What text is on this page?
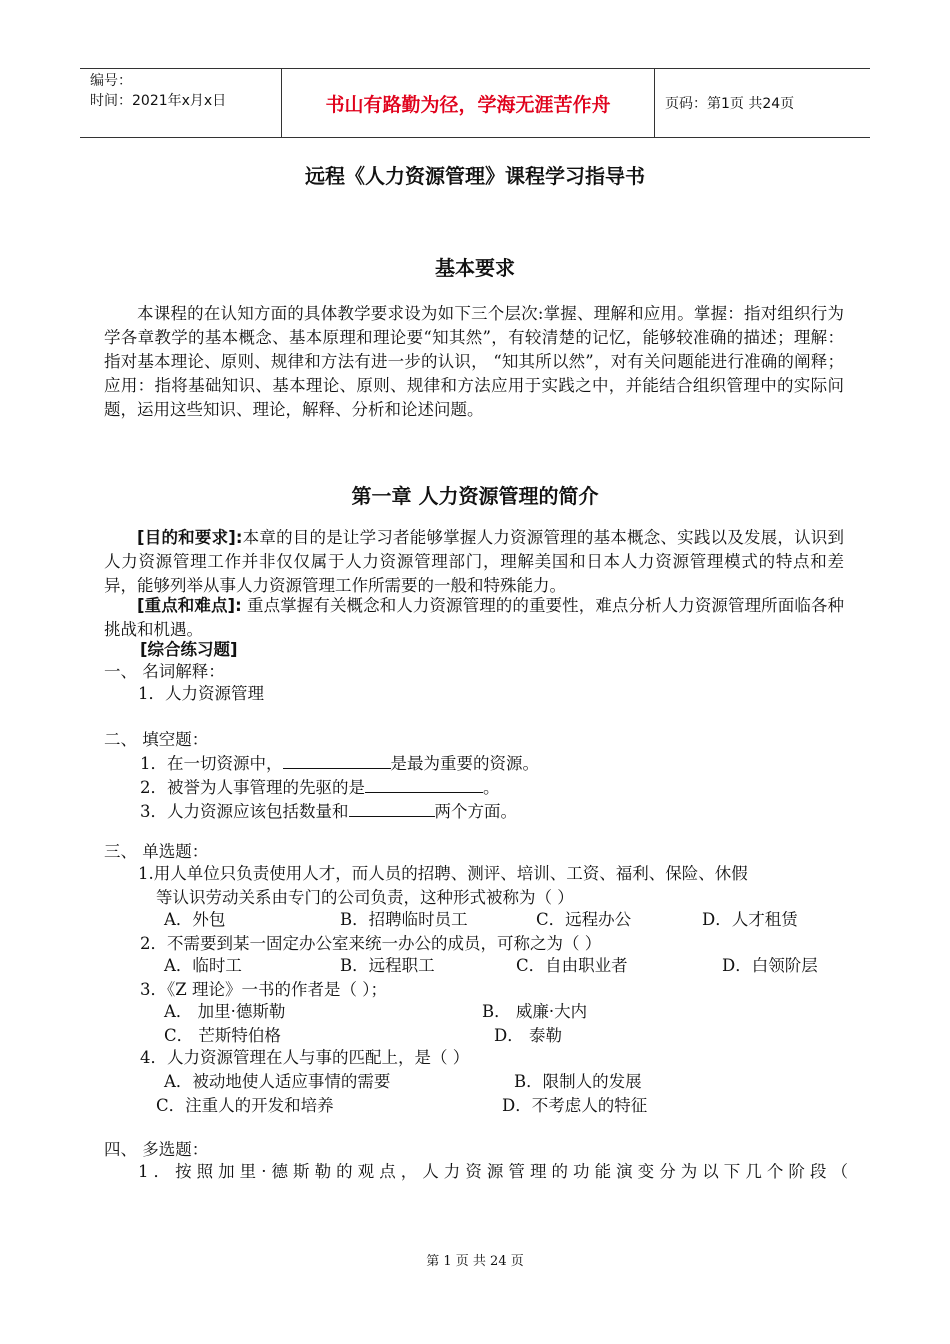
编号：
时间：2021年x月x日	书山有路勤为径，学海无涯苦作舟	页码：第1页 共24页
远程《人力资源管理》课程学习指导书
基本要求
本课程的在认知方面的具体教学要求设为如下三个层次:掌握、理解和应用。掌握：指对组织行为学各章教学的基本概念、基本原理和理论要“知其然”，有较清楚的记忆，能够较准确的描述；理解：指对基本理论、原则、规律和方法有进一步的认识， “知其所以然”，对有关问题能进行准确的阐释；应用：指将基础知识、基本理论、原则、规律和方法应用于实践之中，并能结合组织管理中的实际问题，运用这些知识、理论，解释、分析和论述问题。
第一章 人力资源管理的简介
[目的和要求]:本章的目的是让学习者能够掌握人力资源管理的基本概念、实践以及发展，认识到人力资源管理工作并非仅仅属于人力资源管理部门，理解美国和日本人力资源管理模式的特点和差异，能够列举从事人力资源管理工作所需要的一般和特殊能力。
[重点和难点]: 重点掌握有关概念和人力资源管理的的重要性，难点分析人力资源管理所面临各种挑战和机遇。
[综合练习题]
一、 名词解释：
1．人力资源管理
二、 填空题：
1．在一切资源中，	是最为重要的资源。
2．被誉为人事管理的先驱的是	。
3．人力资源应该包括数量和	两个方面。
三、 单选题：
1.用人单位只负责使用人才，而人员的招聘、测评、培训、工资、福利、保险、休假
等认识劳动关系由专门的公司负责，这种形式被称为（ ）
A．外包	B．招聘临时员工	C．远程办公	D．人才租赁
2．不需要到某一固定办公室来统一办公的成员，可称之为（ ）
A．临时工	B．远程职工	C．自由职业者	D．白领阶层
3．《Z 理论》一书的作者是（ ）；
A． 加里·德斯勒	B． 威廉·大内
C． 芒斯特伯格	D． 泰勒
4．人力资源管理在人与事的匹配上，是（ ）
A．被动地使人适应事情的需要	B．限制人的发展
C．注重人的开发和培养	D．不考虑人的特征
四、 多选题：
1．按照加里·德斯勒的观点，人力资源管理的功能演变分为以下几个阶段（
第 1 页 共 24 页
